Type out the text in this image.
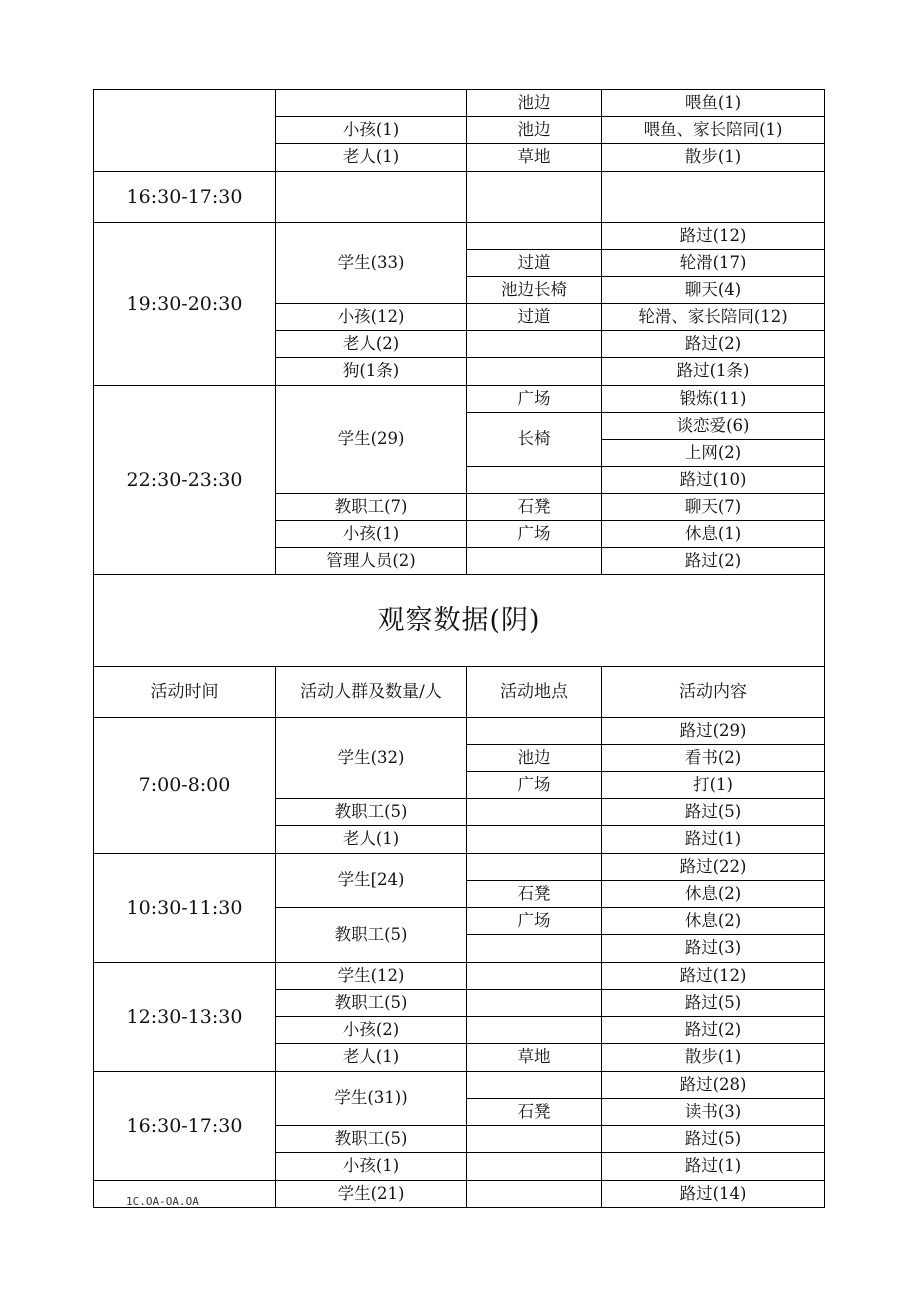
		池边	喂鱼(1)
	小孩(1)	池边	喂鱼、家长陪同(1)
	老人(1)	草地	散步(1)
16:30-17:30			
19:30-20:30	学生(33)		路过(12)
		过道	轮滑(17)
		池边长椅	聊天(4)
	小孩(12)	过道	轮滑、家长陪同(12)
	老人(2)		路过(2)
	狗(1条)		路过(1条)
22:30-23:30	学生(29)	广场	锻炼(11)
		长椅	谈恋爱(6)
			上网(2)
			路过(10)
	教职工(7)	石凳	聊天(7)
	小孩(1)	广场	休息(1)
	管理人员(2)		路过(2)
观察数据(阴)			
活动时间	活动人群及数量/人	活动地点	活动内容
7:00-8:00	学生(32)		路过(29)
		池边	看书(2)
		广场	打(1)
	教职工(5)		路过(5)
	老人(1)		路过(1)
10:30-11:30	学生[24)		路过(22)
		石凳	休息(2)
	教职工(5)	广场	休息(2)
			路过(3)
12:30-13:30	学生(12)		路过(12)
	教职工(5)		路过(5)
	小孩(2)		路过(2)
	老人(1)	草地	散步(1)
16:30-17:30	学生(31))		路过(28)
		石凳	读书(3)
	教职工(5)		路过(5)
	小孩(1)		路过(1)

1C.OA-OA.OA	学生(21)		路过(14)
